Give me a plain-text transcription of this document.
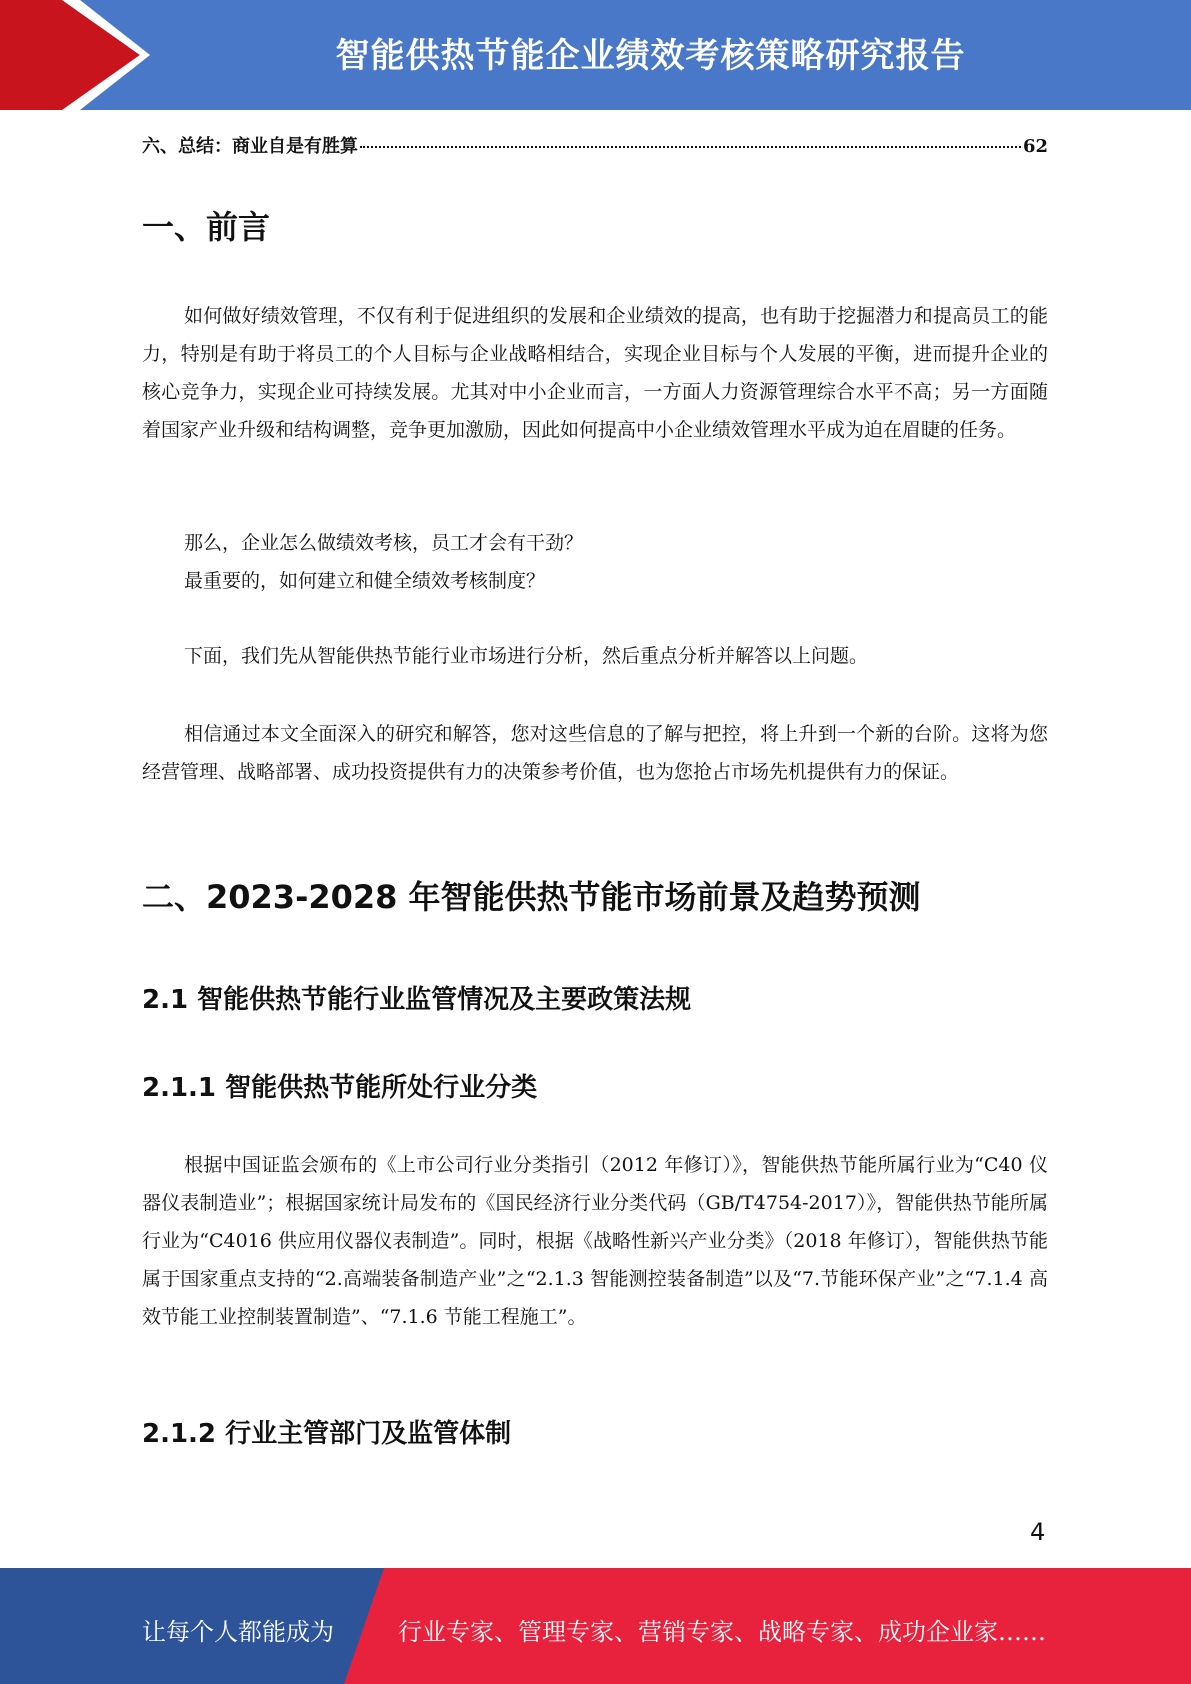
智能供热节能企业绩效考核策略研究报告
六、总结：商业自是有胜算	62
一、前言

如何做好绩效管理，不仅有利于促进组织的发展和企业绩效的提高，也有助于挖掘潜力和提高员工的能力，特别是有助于将员工的个人目标与企业战略相结合，实现企业目标与个人发展的平衡，进而提升企业的核心竞争力，实现企业可持续发展。尤其对中小企业而言，一方面人力资源管理综合水平不高；另一方面随着国家产业升级和结构调整，竞争更加激励，因此如何提高中小企业绩效管理水平成为迫在眉睫的任务。

那么，企业怎么做绩效考核，员工才会有干劲？
最重要的，如何建立和健全绩效考核制度？

下面，我们先从智能供热节能行业市场进行分析，然后重点分析并解答以上问题。

相信通过本文全面深入的研究和解答，您对这些信息的了解与把控，将上升到一个新的台阶。这将为您经营管理、战略部署、成功投资提供有力的决策参考价值，也为您抢占市场先机提供有力的保证。

二、2023-2028 年智能供热节能市场前景及趋势预测
2.1 智能供热节能行业监管情况及主要政策法规
2.1.1 智能供热节能所处行业分类

根据中国证监会颁布的《上市公司行业分类指引（2012 年修订）》，智能供热节能所属行业为“C40 仪器仪表制造业”；根据国家统计局发布的《国民经济行业分类代码（GB/T4754-2017）》，智能供热节能所属行业为“C4016 供应用仪器仪表制造”。同时，根据《战略性新兴产业分类》（2018 年修订），智能供热节能属于国家重点支持的“2.高端装备制造产业”之“2.1.3 智能测控装备制造”以及“7.节能环保产业”之“7.1.4 高效节能工业控制装置制造”、“7.1.6 节能工程施工”。

2.1.2 行业主管部门及监管体制
4
让每个人都能成为	行业专家、管理专家、营销专家、战略专家、成功企业家……
